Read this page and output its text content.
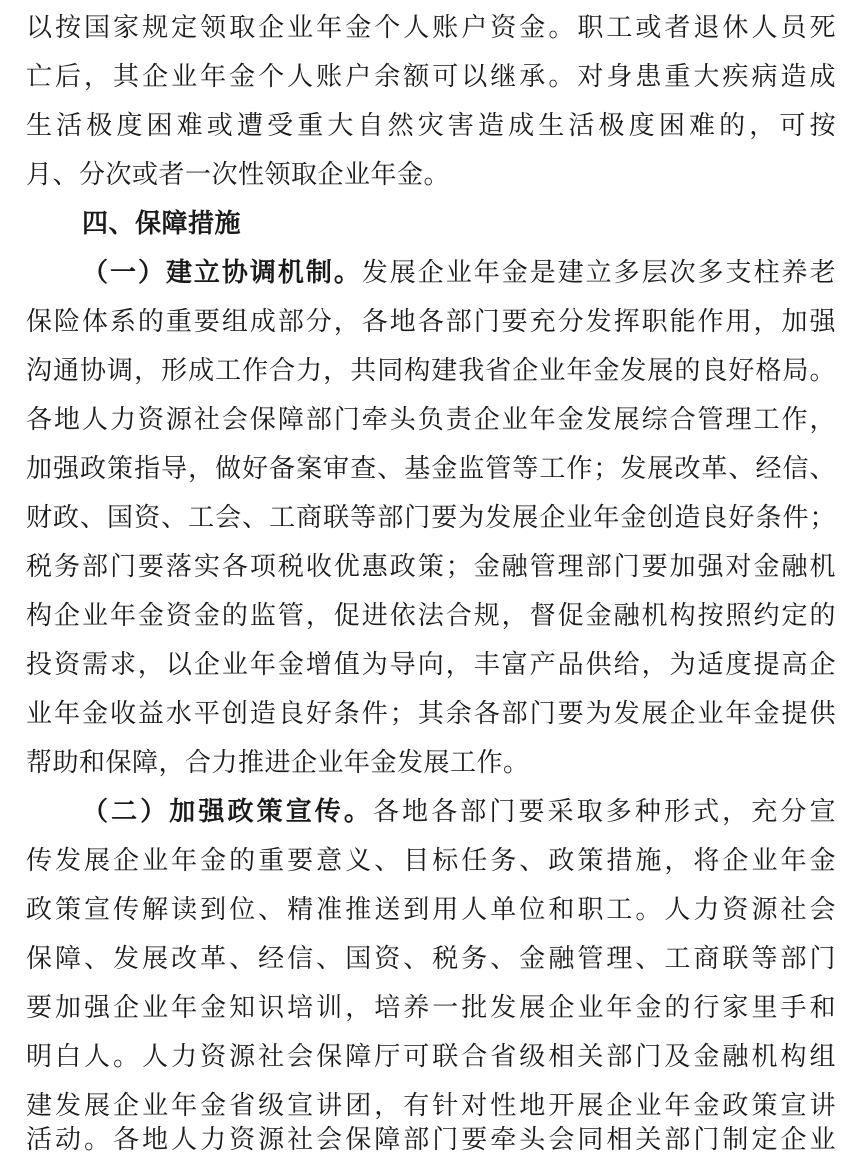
以按国家规定领取企业年金个人账户资金。职工或者退休人员死
亡后，其企业年金个人账户余额可以继承。对身患重大疾病造成
生活极度困难或遭受重大自然灾害造成生活极度困难的，可按
月、分次或者一次性领取企业年金。
四、保障措施
（一）建立协调机制。发展企业年金是建立多层次多支柱养老
保险体系的重要组成部分，各地各部门要充分发挥职能作用，加强
沟通协调，形成工作合力，共同构建我省企业年金发展的良好格局。
各地人力资源社会保障部门牵头负责企业年金发展综合管理工作，
加强政策指导，做好备案审查、基金监管等工作；发展改革、经信、
财政、国资、工会、工商联等部门要为发展企业年金创造良好条件；
税务部门要落实各项税收优惠政策；金融管理部门要加强对金融机
构企业年金资金的监管，促进依法合规，督促金融机构按照约定的
投资需求，以企业年金增值为导向，丰富产品供给，为适度提高企
业年金收益水平创造良好条件；其余各部门要为发展企业年金提供
帮助和保障，合力推进企业年金发展工作。
（二）加强政策宣传。各地各部门要采取多种形式，充分宣
传发展企业年金的重要意义、目标任务、政策措施，将企业年金
政策宣传解读到位、精准推送到用人单位和职工。人力资源社会
保障、发展改革、经信、国资、税务、金融管理、工商联等部门
要加强企业年金知识培训，培养一批发展企业年金的行家里手和
明白人。人力资源社会保障厅可联合省级相关部门及金融机构组
建发展企业年金省级宣讲团，有针对性地开展企业年金政策宣讲
活动。各地人力资源社会保障部门要牵头会同相关部门制定企业
